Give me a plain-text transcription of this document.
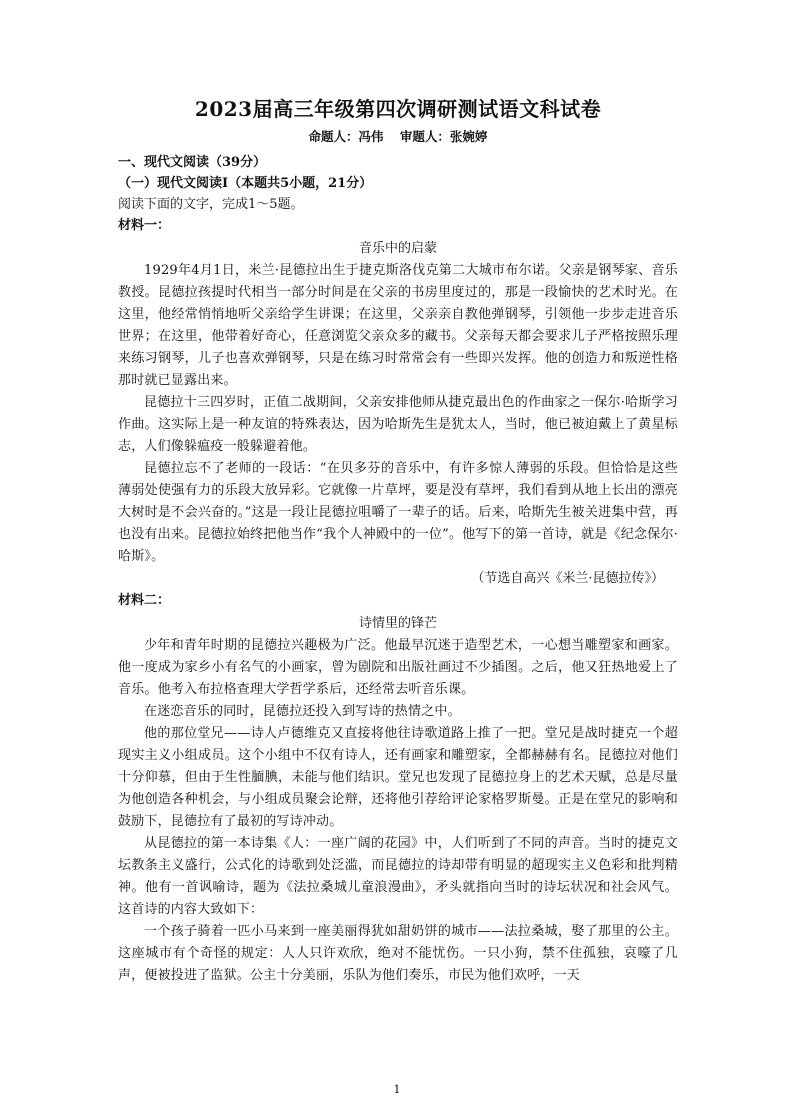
2023届高三年级第四次调研测试语文科试卷

命题人：冯伟 审题人：张婉婷

一、现代文阅读（39分）

（一）现代文阅读Ⅰ（本题共5小题，21分）

阅读下面的文字，完成1～5题。

材料一：

音乐中的启蒙

1929年4月1日，米兰·昆德拉出生于捷克斯洛伐克第二大城市布尔诺。父亲是钢琴家、音乐教授。昆德拉孩提时代相当一部分时间是在父亲的书房里度过的，那是一段愉快的艺术时光。在这里，他经常悄悄地听父亲给学生讲课；在这里，父亲亲自教他弹钢琴，引领他一步步走进音乐世界；在这里，他带着好奇心，任意浏览父亲众多的藏书。父亲每天都会要求儿子严格按照乐理来练习钢琴，儿子也喜欢弹钢琴，只是在练习时常常会有一些即兴发挥。他的创造力和叛逆性格那时就已显露出来。

昆德拉十三四岁时，正值二战期间，父亲安排他师从捷克最出色的作曲家之一保尔·哈斯学习作曲。这实际上是一种友谊的特殊表达，因为哈斯先生是犹太人，当时，他已被迫戴上了黄星标志，人们像躲瘟疫一般躲避着他。

昆德拉忘不了老师的一段话：“在贝多芬的音乐中，有许多惊人薄弱的乐段。但恰恰是这些薄弱处使强有力的乐段大放异彩。它就像一片草坪，要是没有草坪，我们看到从地上长出的漂亮大树时是不会兴奋的。”这是一段让昆德拉咀嚼了一辈子的话。后来，哈斯先生被关进集中营，再也没有出来。昆德拉始终把他当作“我个人神殿中的一位”。他写下的第一首诗，就是《纪念保尔·哈斯》。

（节选自高兴《米兰·昆德拉传》）

材料二：

诗情里的锋芒

少年和青年时期的昆德拉兴趣极为广泛。他最早沉迷于造型艺术，一心想当雕塑家和画家。他一度成为家乡小有名气的小画家，曾为剧院和出版社画过不少插图。之后，他又狂热地爱上了音乐。他考入布拉格查理大学哲学系后，还经常去听音乐课。

在迷恋音乐的同时，昆德拉还投入到写诗的热情之中。

他的那位堂兄——诗人卢德维克又直接将他往诗歌道路上推了一把。堂兄是战时捷克一个超现实主义小组成员。这个小组中不仅有诗人，还有画家和雕塑家，全都赫赫有名。昆德拉对他们十分仰慕，但由于生性腼腆，未能与他们结识。堂兄也发现了昆德拉身上的艺术天赋，总是尽量为他创造各种机会，与小组成员聚会论辩，还将他引荐给评论家格罗斯曼。正是在堂兄的影响和鼓励下，昆德拉有了最初的写诗冲动。

从昆德拉的第一本诗集《人：一座广阔的花园》中，人们听到了不同的声音。当时的捷克文坛教条主义盛行，公式化的诗歌到处泛滥，而昆德拉的诗却带有明显的超现实主义色彩和批判精神。他有一首讽喻诗，题为《法拉桑城儿童浪漫曲》，矛头就指向当时的诗坛状况和社会风气。这首诗的内容大致如下：

一个孩子骑着一匹小马来到一座美丽得犹如甜奶饼的城市——法拉桑城，娶了那里的公主。这座城市有个奇怪的规定：人人只许欢欣，绝对不能忧伤。一只小狗，禁不住孤独，哀嚎了几声，便被投进了监狱。公主十分美丽，乐队为他们奏乐，市民为他们欢呼，一天

1
